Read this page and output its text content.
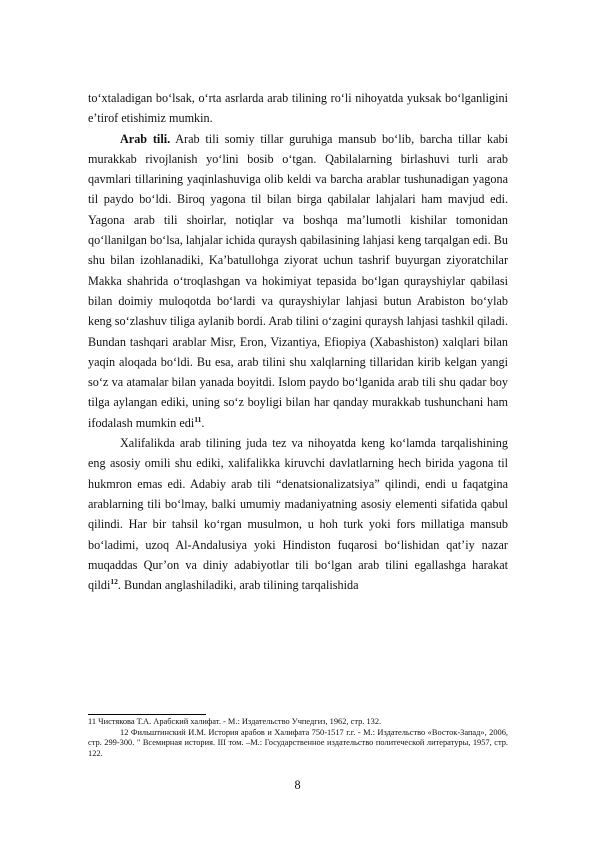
to‘xtaladigan bo‘lsak, o‘rta asrlarda arab tilining ro‘li nihoyatda yuksak bo‘lganligini e’tirof etishimiz mumkin.

Arab tili. Arab tili somiy tillar guruhiga mansub bo‘lib, barcha tillar kabi murakkab rivojlanish yo‘lini bosib o‘tgan. Qabilalarning birlashuvi turli arab qavmlari tillarining yaqinlashuviga olib keldi va barcha arablar tushunadigan yagona til paydo bo‘ldi. Biroq yagona til bilan birga qabilalar lahjalari ham mavjud edi. Yagona arab tili shoirlar, notiqlar va boshqa ma’lumotli kishilar tomonidan qo‘llanilgan bo‘lsa, lahjalar ichida quraysh qabilasining lahjasi keng tarqalgan edi. Bu shu bilan izohlanadiki, Ka’batullohga ziyorat uchun tashrif buyurgan ziyoratchilar Makka shahrida o‘troqlashgan va hokimiyat tepasida bo‘lgan qurayshiylar qabilasi bilan doimiy muloqotda bo‘lardi va qurayshiylar lahjasi butun Arabiston bo‘ylab keng so‘zlashuv tiliga aylanib bordi. Arab tilini o‘zagini quraysh lahjasi tashkil qiladi. Bundan tashqari arablar Misr, Eron, Vizantiya, Efiopiya (Xabashiston) xalqlari bilan yaqin aloqada bo‘ldi. Bu esa, arab tilini shu xalqlarning tillaridan kirib kelgan yangi so‘z va atamalar bilan yanada boyitdi. Islom paydo bo‘lganida arab tili shu qadar boy tilga aylangan ediki, uning so‘z boyligi bilan har qanday murakkab tushunchani ham ifodalash mumkin edi$^{11}$.

Xalifalikda arab tilining juda tez va nihoyatda keng ko‘lamda tarqalishining eng asosiy omili shu ediki, xalifalikka kiruvchi davlatlarning hech birida yagona til hukmron emas edi. Adabiy arab tili “denatsionalizatsiya” qilindi, endi u faqatgina arablarning tili bo‘lmay, balki umumiy madaniyatning asosiy elementi sifatida qabul qilindi. Har bir tahsil ko‘rgan musulmon, u hoh turk yoki fors millatiga mansub bo‘ladimi, uzoq Al-Andalusiya yoki Hindiston fuqarosi bo‘lishidan qat’iy nazar muqaddas Qur’on va diniy adabiyotlar tili bo‘lgan arab tilini egallashga harakat qildi$^{12}$. Bundan anglashiladiki, arab tilining tarqalishida

11 Чистякова Т.А. Арабский халифат. - М.: Издательство Учпедгиз, 1962, стр. 132.
12 Фильштинский И.М. История арабов и Халифата 750-1517 г.г. - М.: Издательство «Восток-Запад», 2006, стр. 299-300. " Всемирная история. III том. –М.: Государственное издательство политеческой литературы, 1957, стр. 122.
8
